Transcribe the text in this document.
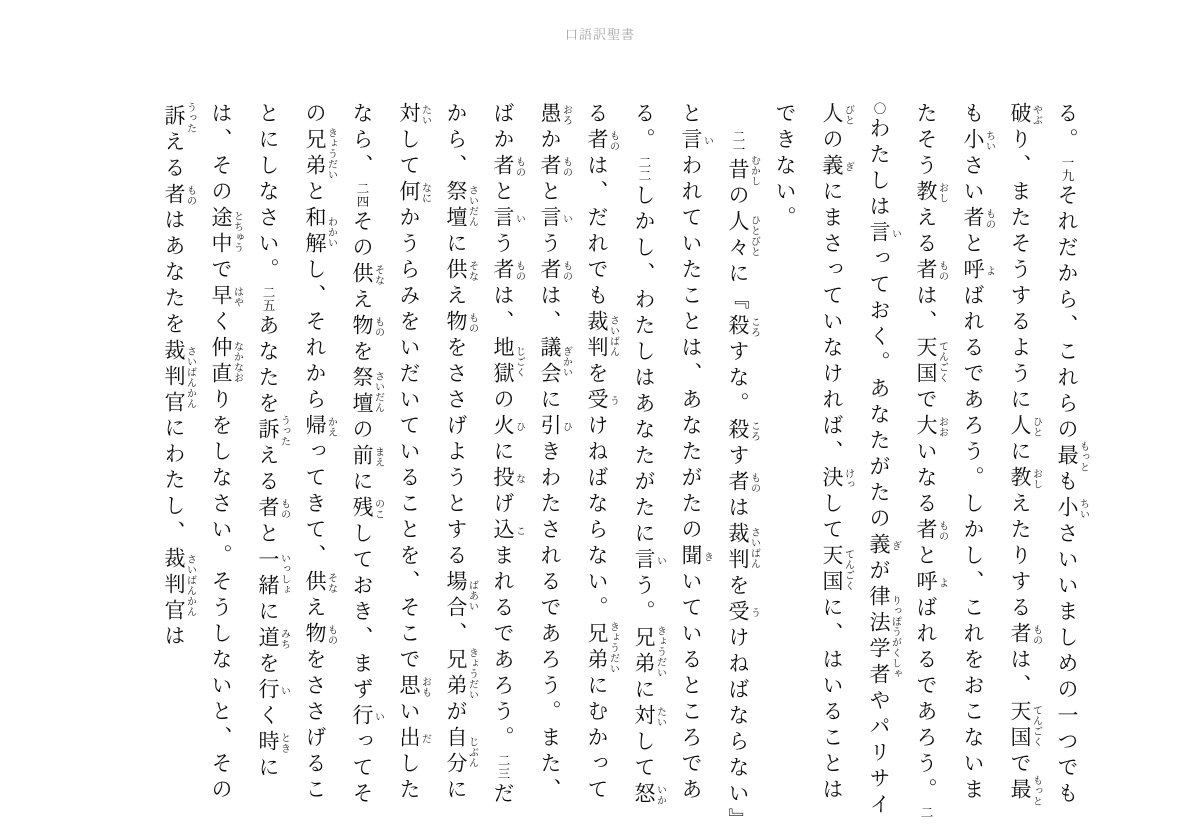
口語訳聖書

る。一九それだから、これらの最もっとも小ちいさいいましめの一つでも破やぶり、またそうするように人ひとに教おしえたりする者ものは、天国てんごくで最もっとも小ちいさい者ものと呼よばれるであろう。しかし、これをおこないまたそう教おしえる者ものは、天国てんごくで大おおいなる者ものと呼よばれるであろう。二〇わたしは言いっておく。あなたがたの義ぎが律法学者りっぽうがくしゃやパリサイ人びとの義ぎにまさっていなければ、決けっして天国てんごくに、はいることはできない。

二一昔むかしの人々ひとびとに『殺ころすな。殺ころす者ものは裁判さいばんを受うけねばならない』と言いわれていたことは、あなたがたの聞きいているところである。二二しかし、わたしはあなたがたに言いう。兄弟きょうだいに対たいして怒いかる者ものは、だれでも裁判さいばんを受うけねばならない。兄弟きょうだいにむかって愚おろか者ものと言いう者ものは、議会ぎかいに引ひきわたされるであろう。また、ばか者ものと言いう者ものは、地獄じごくの火ひに投なげ込こまれるであろう。二三だから、祭壇さいだんに供そなえ物ものをささげようとする場合ばあい、兄弟きょうだいが自分じぶんに対たいして何なにかうらみをいだいていることを、そこで思おもい出だしたなら、二四その供そなえ物ものを祭壇さいだんの前まえに残のこしておき、まず行いってその兄弟きょうだいと和解わかいし、それから帰かえってきて、供そなえ物ものをささげることにしなさい。二五あなたを訴うったえる者ものと一緒いっしょに道みちを行いく時ときには、その途中とちゅうで早はやく仲直なかなおりをしなさい。そうしないと、その訴うったえる者ものはあなたを裁判官さいばんかんにわたし、裁判官さいばんかんは
